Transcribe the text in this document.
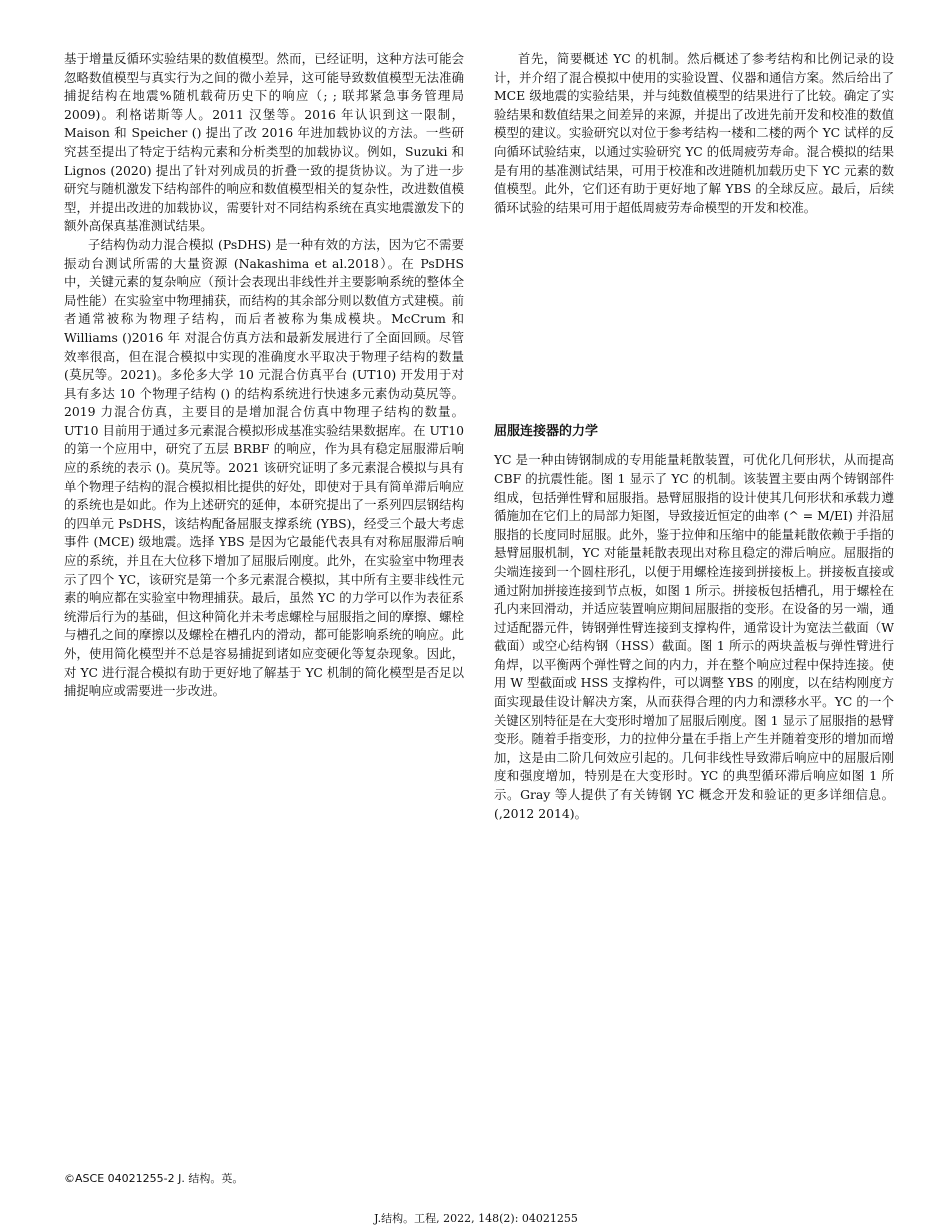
基于增量反循环实验结果的数值模型。然而，已经证明，这种方法可能会忽略数值模型与真实行为之间的微小差异，这可能导致数值模型无法准确捕捉结构在地震%随机载荷历史下的响应（; ; 联邦紧急事务管理局 2009)。利格诺斯等人。2011 汉堡等。2016 年认识到这一限制，Maison 和 Speicher () 提出了改 2016 年进加载协议的方法。一些研究甚至提出了特定于结构元素和分析类型的加载协议。例如，Suzuki 和 Lignos (2020) 提出了针对列成员的折叠一致的提货协议。为了进一步研究与随机激发下结构部件的响应和数值模型相关的复杂性，改进数值模型，并提出改进的加载协议，需要针对不同结构系统在真实地震激发下的额外高保真基准测试结果。

子结构伪动力混合模拟 (PsDHS) 是一种有效的方法，因为它不需要振动台测试所需的大量资源 (Nakashima et al.2018）。在 PsDHS 中，关键元素的复杂响应（预计会表现出非线性并主要影响系统的整体全局性能）在实验室中物理捕获，而结构的其余部分则以数值方式建模。前者通常被称为物理子结构，而后者被称为集成模块。McCrum 和 Williams ()2016 年 对混合仿真方法和最新发展进行了全面回顾。尽管效率很高，但在混合模拟中实现的准确度水平取决于物理子结构的数量 (莫尻等。2021)。多伦多大学 10 元混合仿真平台 (UT10) 开发用于对具有多达 10 个物理子结构 () 的结构系统进行快速多元素伪动莫尻等。2019 力混合仿真，主要目的是增加混合仿真中物理子结构的数量。UT10 目前用于通过多元素混合模拟形成基准实验结果数据库。在 UT10 的第一个应用中，研究了五层 BRBF 的响应，作为具有稳定屈服滞后响应的系统的表示 ()。莫尻等。2021 该研究证明了多元素混合模拟与具有单个物理子结构的混合模拟相比提供的好处，即使对于具有简单滞后响应的系统也是如此。作为上述研究的延伸，本研究提出了一系列四层钢结构的四单元 PsDHS，该结构配备屈服支撑系统 (YBS)，经受三个最大考虑事件 (MCE) 级地震。选择 YBS 是因为它最能代表具有对称屈服滞后响应的系统，并且在大位移下增加了屈服后刚度。此外，在实验室中物理表示了四个 YC，该研究是第一个多元素混合模拟，其中所有主要非线性元素的响应都在实验室中物理捕获。最后，虽然 YC 的力学可以作为表征系统滞后行为的基础，但这种简化并未考虑螺栓与屈服指之间的摩擦、螺栓与槽孔之间的摩擦以及螺栓在槽孔内的滑动，都可能影响系统的响应。此外，使用简化模型并不总是容易捕捉到诸如应变硬化等复杂现象。因此，对 YC 进行混合模拟有助于更好地了解基于 YC 机制的简化模型是否足以捕捉响应或需要进一步改进。

首先，简要概述 YC 的机制。然后概述了参考结构和比例记录的设计，并介绍了混合模拟中使用的实验设置、仪器和通信方案。然后给出了 MCE 级地震的实验结果，并与纯数值模型的结果进行了比较。确定了实验结果和数值结果之间差异的来源，并提出了改进先前开发和校准的数值模型的建议。实验研究以对位于参考结构一楼和二楼的两个 YC 试样的反向循环试验结束，以通过实验研究 YC 的低周疲劳寿命。混合模拟的结果是有用的基准测试结果，可用于校准和改进随机加载历史下 YC 元素的数值模型。此外，它们还有助于更好地了解 YBS 的全球反应。最后，后续循环试验的结果可用于超低周疲劳寿命模型的开发和校准。

屈服连接器的力学

YC 是一种由铸钢制成的专用能量耗散装置，可优化几何形状，从而提高 CBF 的抗震性能。图 1 显示了 YC 的机制。该装置主要由两个铸钢部件组成，包括弹性臂和屈服指。悬臂屈服指的设计使其几何形状和承载力遵循施加在它们上的局部力矩图，导致接近恒定的曲率 (^ = M/EI) 并沿屈服指的长度同时屈服。此外，鉴于拉伸和压缩中的能量耗散依赖于手指的悬臂屈服机制，YC 对能量耗散表现出对称且稳定的滞后响应。屈服指的尖端连接到一个圆柱形孔，以便于用螺栓连接到拼接板上。拼接板直接或通过附加拼接连接到节点板，如图 1 所示。拼接板包括槽孔，用于螺栓在孔内来回滑动，并适应装置响应期间屈服指的变形。在设备的另一端，通过适配器元件，铸钢弹性臂连接到支撑构件，通常设计为宽法兰截面（W 截面）或空心结构钢（HSS）截面。图 1 所示的两块盖板与弹性臂进行角焊，以平衡两个弹性臂之间的内力，并在整个响应过程中保持连接。使用 W 型截面或 HSS 支撑构件，可以调整 YBS 的刚度，以在结构刚度方面实现最佳设计解决方案，从而获得合理的内力和漂移水平。YC 的一个关键区别特征是在大变形时增加了屈服后刚度。图 1 显示了屈服指的悬臂变形。随着手指变形，力的拉伸分量在手指上产生并随着变形的增加而增加，这是由二阶几何效应引起的。几何非线性导致滞后响应中的屈服后刚度和强度增加，特别是在大变形时。YC 的典型循环滞后响应如图 1 所示。Gray 等人提供了有关铸钢 YC 概念开发和验证的更多详细信息。(,2012 2014)。

©ASCE 04021255-2 J. 结构。英。
J.结构。工程, 2022, 148(2): 04021255
